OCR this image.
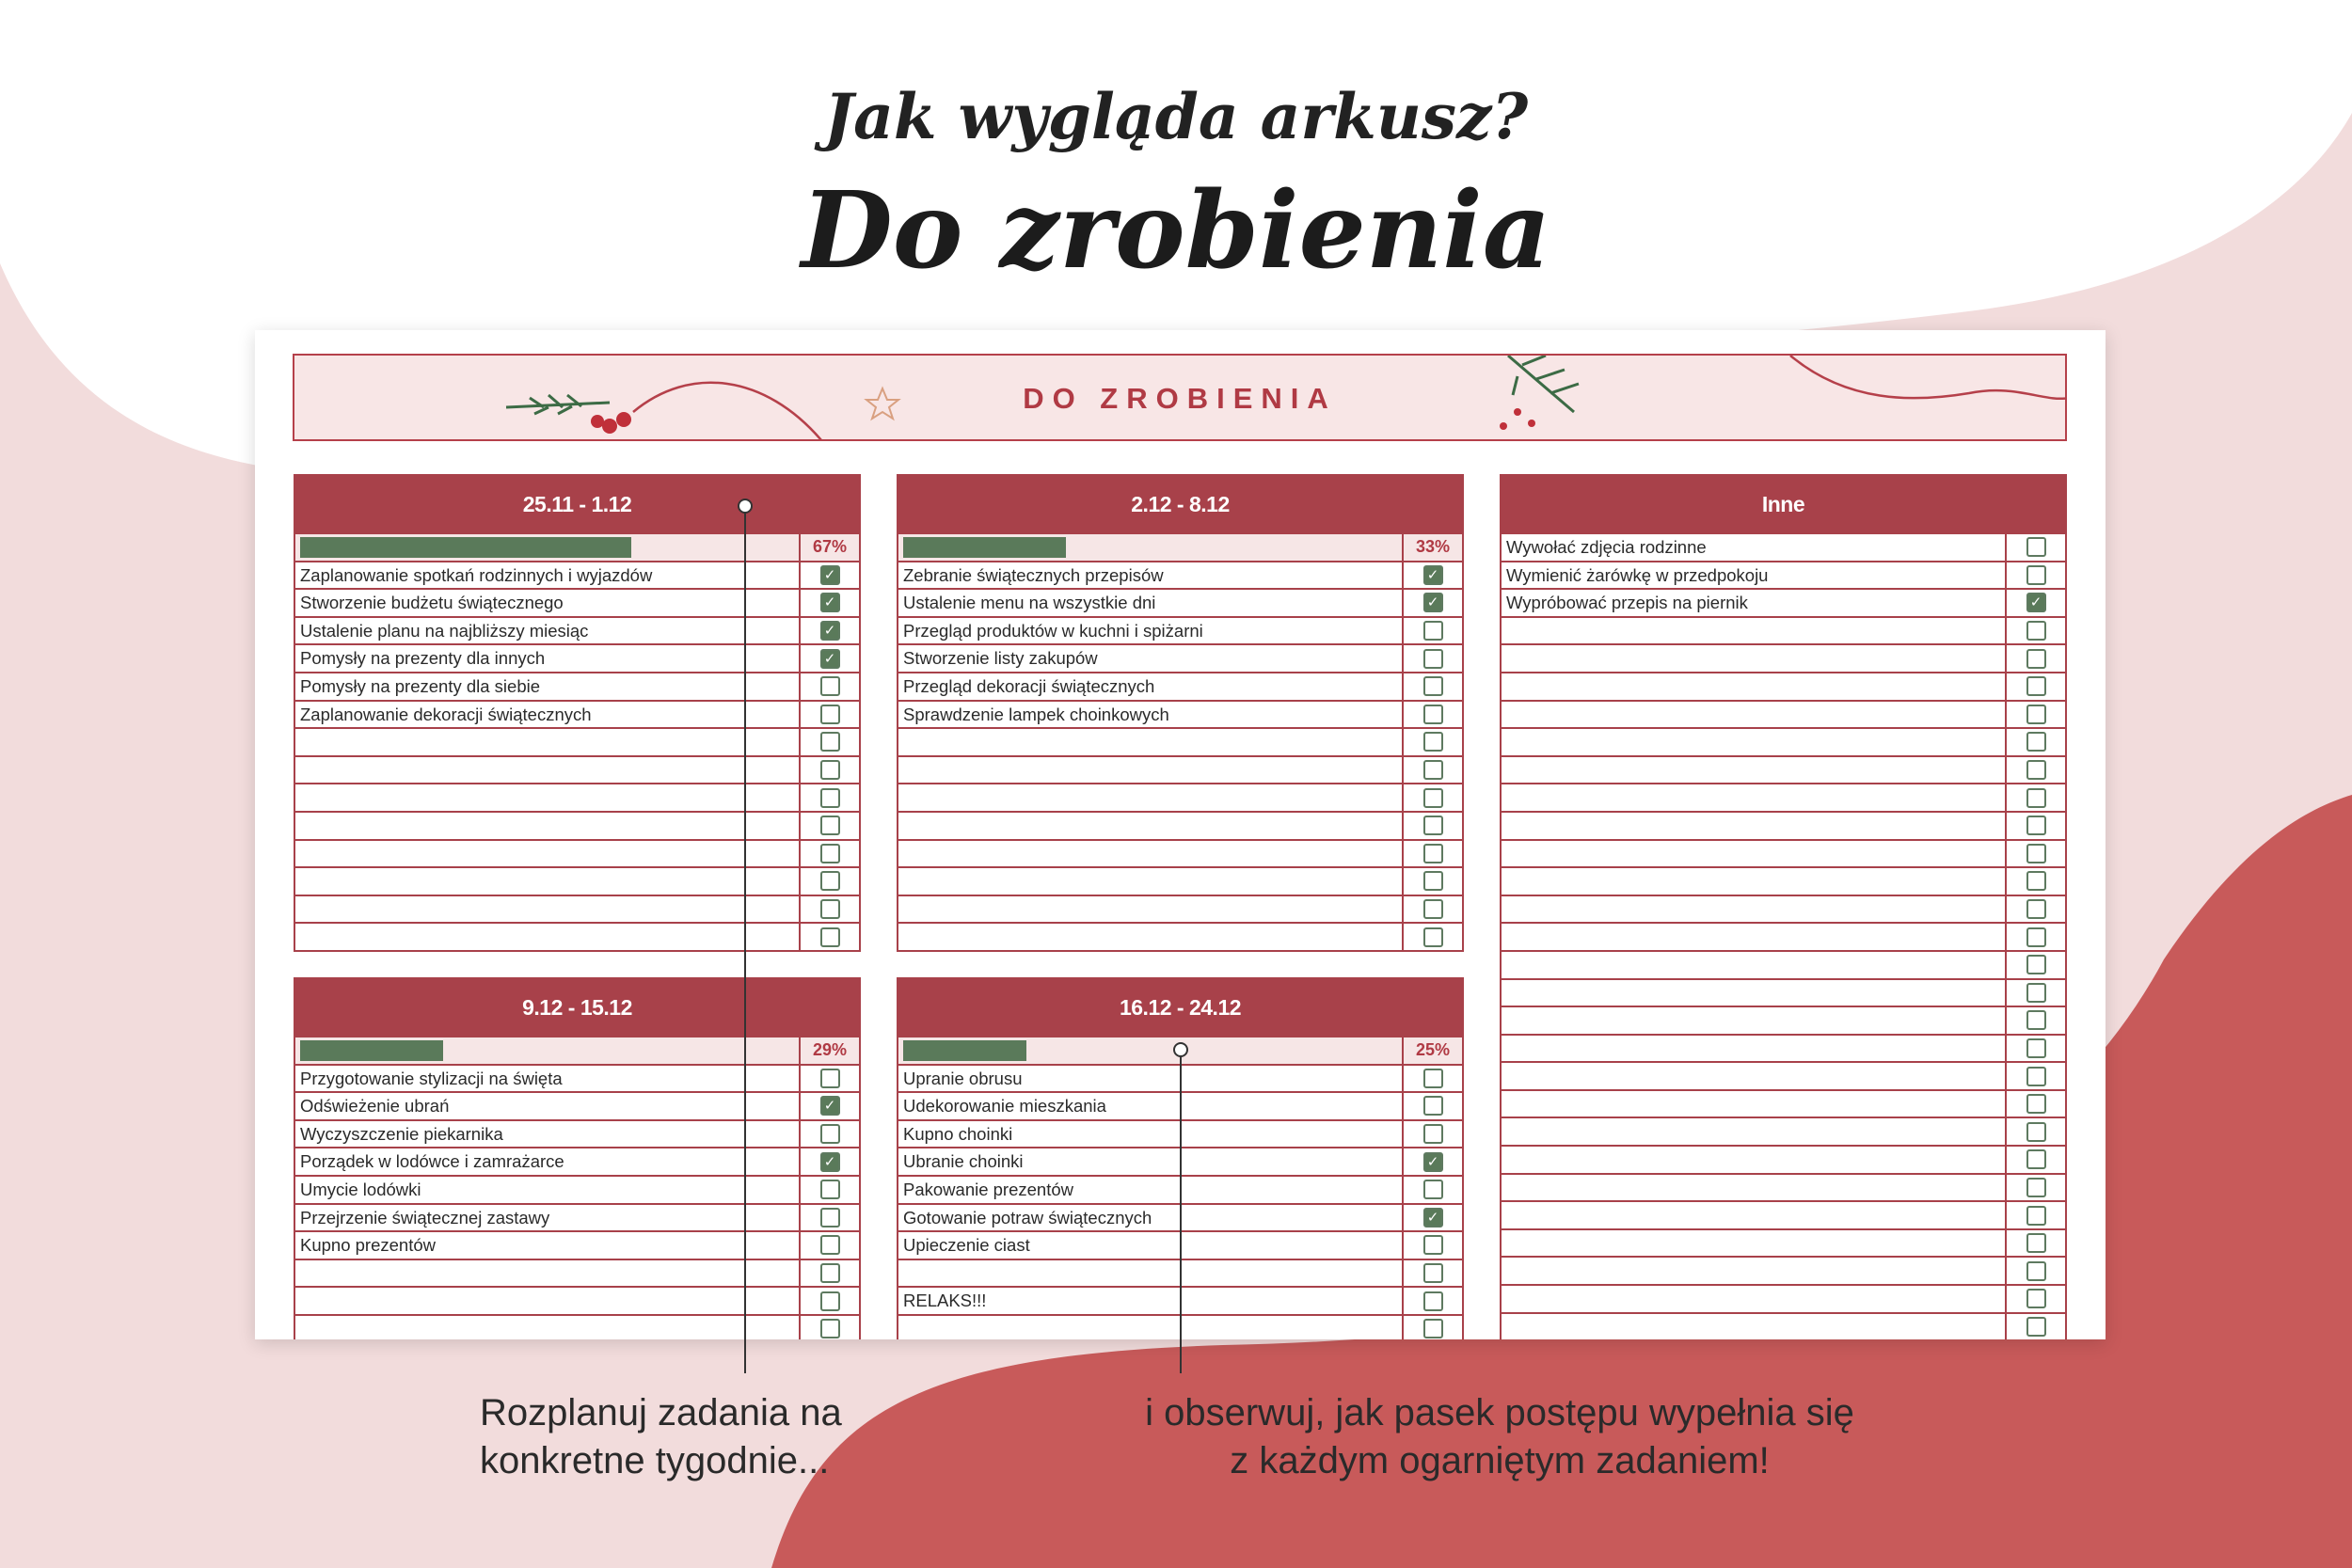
Jak wygląda arkusz?
Do zrobienia
DO ZROBIENIA
25.11 - 1.12
67%
Zaplanowanie spotkań rodzinnych i wyjazdów	✓
Stworzenie budżetu świątecznego	✓
Ustalenie planu na najbliższy miesiąc	✓
Pomysły na prezenty dla innych	✓
Pomysły na prezenty dla siebie
Zaplanowanie dekoracji świątecznych
2.12 - 8.12
33%
Zebranie świątecznych przepisów	✓
Ustalenie menu na wszystkie dni	✓
Przegląd produktów w kuchni i spiżarni
Stworzenie listy zakupów
Przegląd dekoracji świątecznych
Sprawdzenie lampek choinkowych
Inne
Wywołać zdjęcia rodzinne
Wymienić żarówkę w przedpokoju
Wypróbować przepis na piernik	✓
9.12 - 15.12
29%
Przygotowanie stylizacji na święta
Odświeżenie ubrań	✓
Wyczyszczenie piekarnika
Porządek w lodówce i zamrażarce	✓
Umycie lodówki
Przejrzenie świątecznej zastawy
Kupno prezentów
16.12 - 24.12
25%
Upranie obrusu
Udekorowanie mieszkania
Kupno choinki
Ubranie choinki	✓
Pakowanie prezentów
Gotowanie potraw świątecznych	✓
Upieczenie ciast
RELAKS!!!
Rozplanuj zadania na
konkretne tygodnie...
i obserwuj, jak pasek postępu wypełnia się
z każdym ogarniętym zadaniem!
